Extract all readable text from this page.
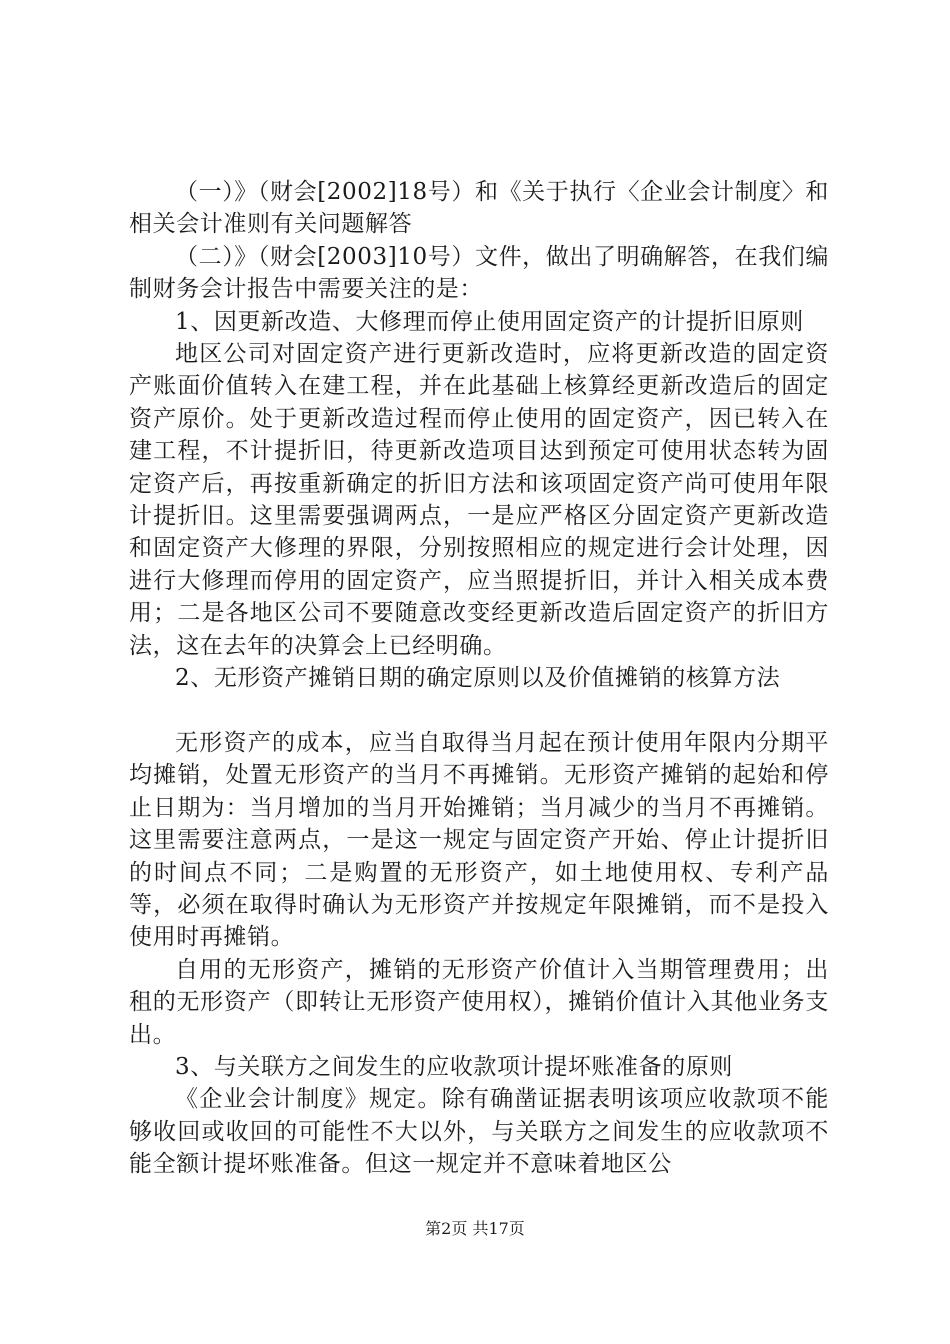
（一）》（财会[2002]18号）和《关于执行〈企业会计制度〉和相关会计准则有关问题解答

（二）》（财会[2003]10号）文件，做出了明确解答，在我们编制财务会计报告中需要关注的是：

1、因更新改造、大修理而停止使用固定资产的计提折旧原则

地区公司对固定资产进行更新改造时，应将更新改造的固定资产账面价值转入在建工程，并在此基础上核算经更新改造后的固定资产原价。处于更新改造过程而停止使用的固定资产，因已转入在建工程，不计提折旧，待更新改造项目达到预定可使用状态转为固定资产后，再按重新确定的折旧方法和该项固定资产尚可使用年限计提折旧。这里需要强调两点，一是应严格区分固定资产更新改造和固定资产大修理的界限，分别按照相应的规定进行会计处理，因进行大修理而停用的固定资产，应当照提折旧，并计入相关成本费用；二是各地区公司不要随意改变经更新改造后固定资产的折旧方法，这在去年的决算会上已经明确。

2、无形资产摊销日期的确定原则以及价值摊销的核算方法

无形资产的成本，应当自取得当月起在预计使用年限内分期平均摊销，处置无形资产的当月不再摊销。无形资产摊销的起始和停止日期为：当月增加的当月开始摊销；当月减少的当月不再摊销。这里需要注意两点，一是这一规定与固定资产开始、停止计提折旧的时间点不同；二是购置的无形资产，如土地使用权、专利产品等，必须在取得时确认为无形资产并按规定年限摊销，而不是投入使用时再摊销。

自用的无形资产，摊销的无形资产价值计入当期管理费用；出租的无形资产（即转让无形资产使用权），摊销价值计入其他业务支出。

3、与关联方之间发生的应收款项计提坏账准备的原则

《企业会计制度》规定。除有确凿证据表明该项应收款项不能够收回或收回的可能性不大以外，与关联方之间发生的应收款项不能全额计提坏账准备。但这一规定并不意味着地区公

第2页 共17页
